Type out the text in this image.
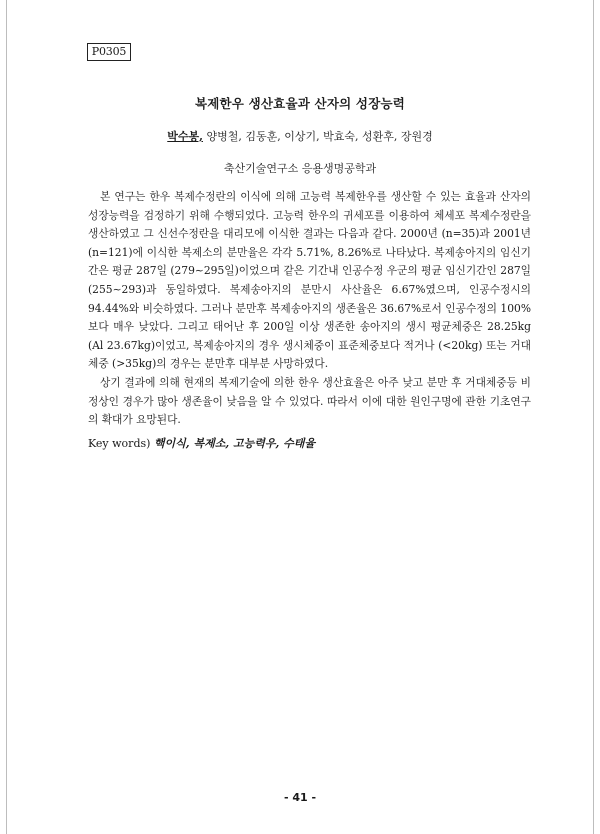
P0305
복제한우 생산효율과 산자의 성장능력
박수봉, 양병철, 김동훈, 이상기, 박효숙, 성환후, 장원경
축산기술연구소 응용생명공학과

본 연구는 한우 복제수정란의 이식에 의해 고능력 복제한우를 생산할 수 있는 효율과 산자의 성장능력을 검정하기 위해 수행되었다. 고능력 한우의 귀세포를 이용하여 체세포 복제수정란을 생산하였고 그 신선수정란을 대리모에 이식한 결과는 다음과 같다. 2000년 (n=35)과 2001년 (n=121)에 이식한 복제소의 분만율은 각각 5.71%, 8.26%로 나타났다. 복제송아지의 임신기간은 평균 287일 (279∼295일)이었으며 같은 기간내 인공수정 우군의 평균 임신기간인 287일 (255∼293)과 동일하였다. 복제송아지의 분만시 사산율은 6.67%였으며, 인공수정시의 94.44%와 비슷하였다. 그러나 분만후 복제송아지의 생존율은 36.67%로서 인공수정의 100% 보다 매우 낮았다. 그리고 태어난 후 200일 이상 생존한 송아지의 생시 평균체중은 28.25kg (Al 23.67kg)이었고, 복제송아지의 경우 생시체중이 표준체중보다 적거나 (<20kg) 또는 거대체중 (>35kg)의 경우는 분만후 대부분 사망하였다.

상기 결과에 의해 현재의 복제기술에 의한 한우 생산효율은 아주 낮고 분만 후 거대체중등 비정상인 경우가 많아 생존율이 낮음을 알 수 있었다. 따라서 이에 대한 원인구명에 관한 기초연구의 확대가 요망된다.

Key words) 핵이식, 복제소, 고능력우, 수태율
- 41 -
